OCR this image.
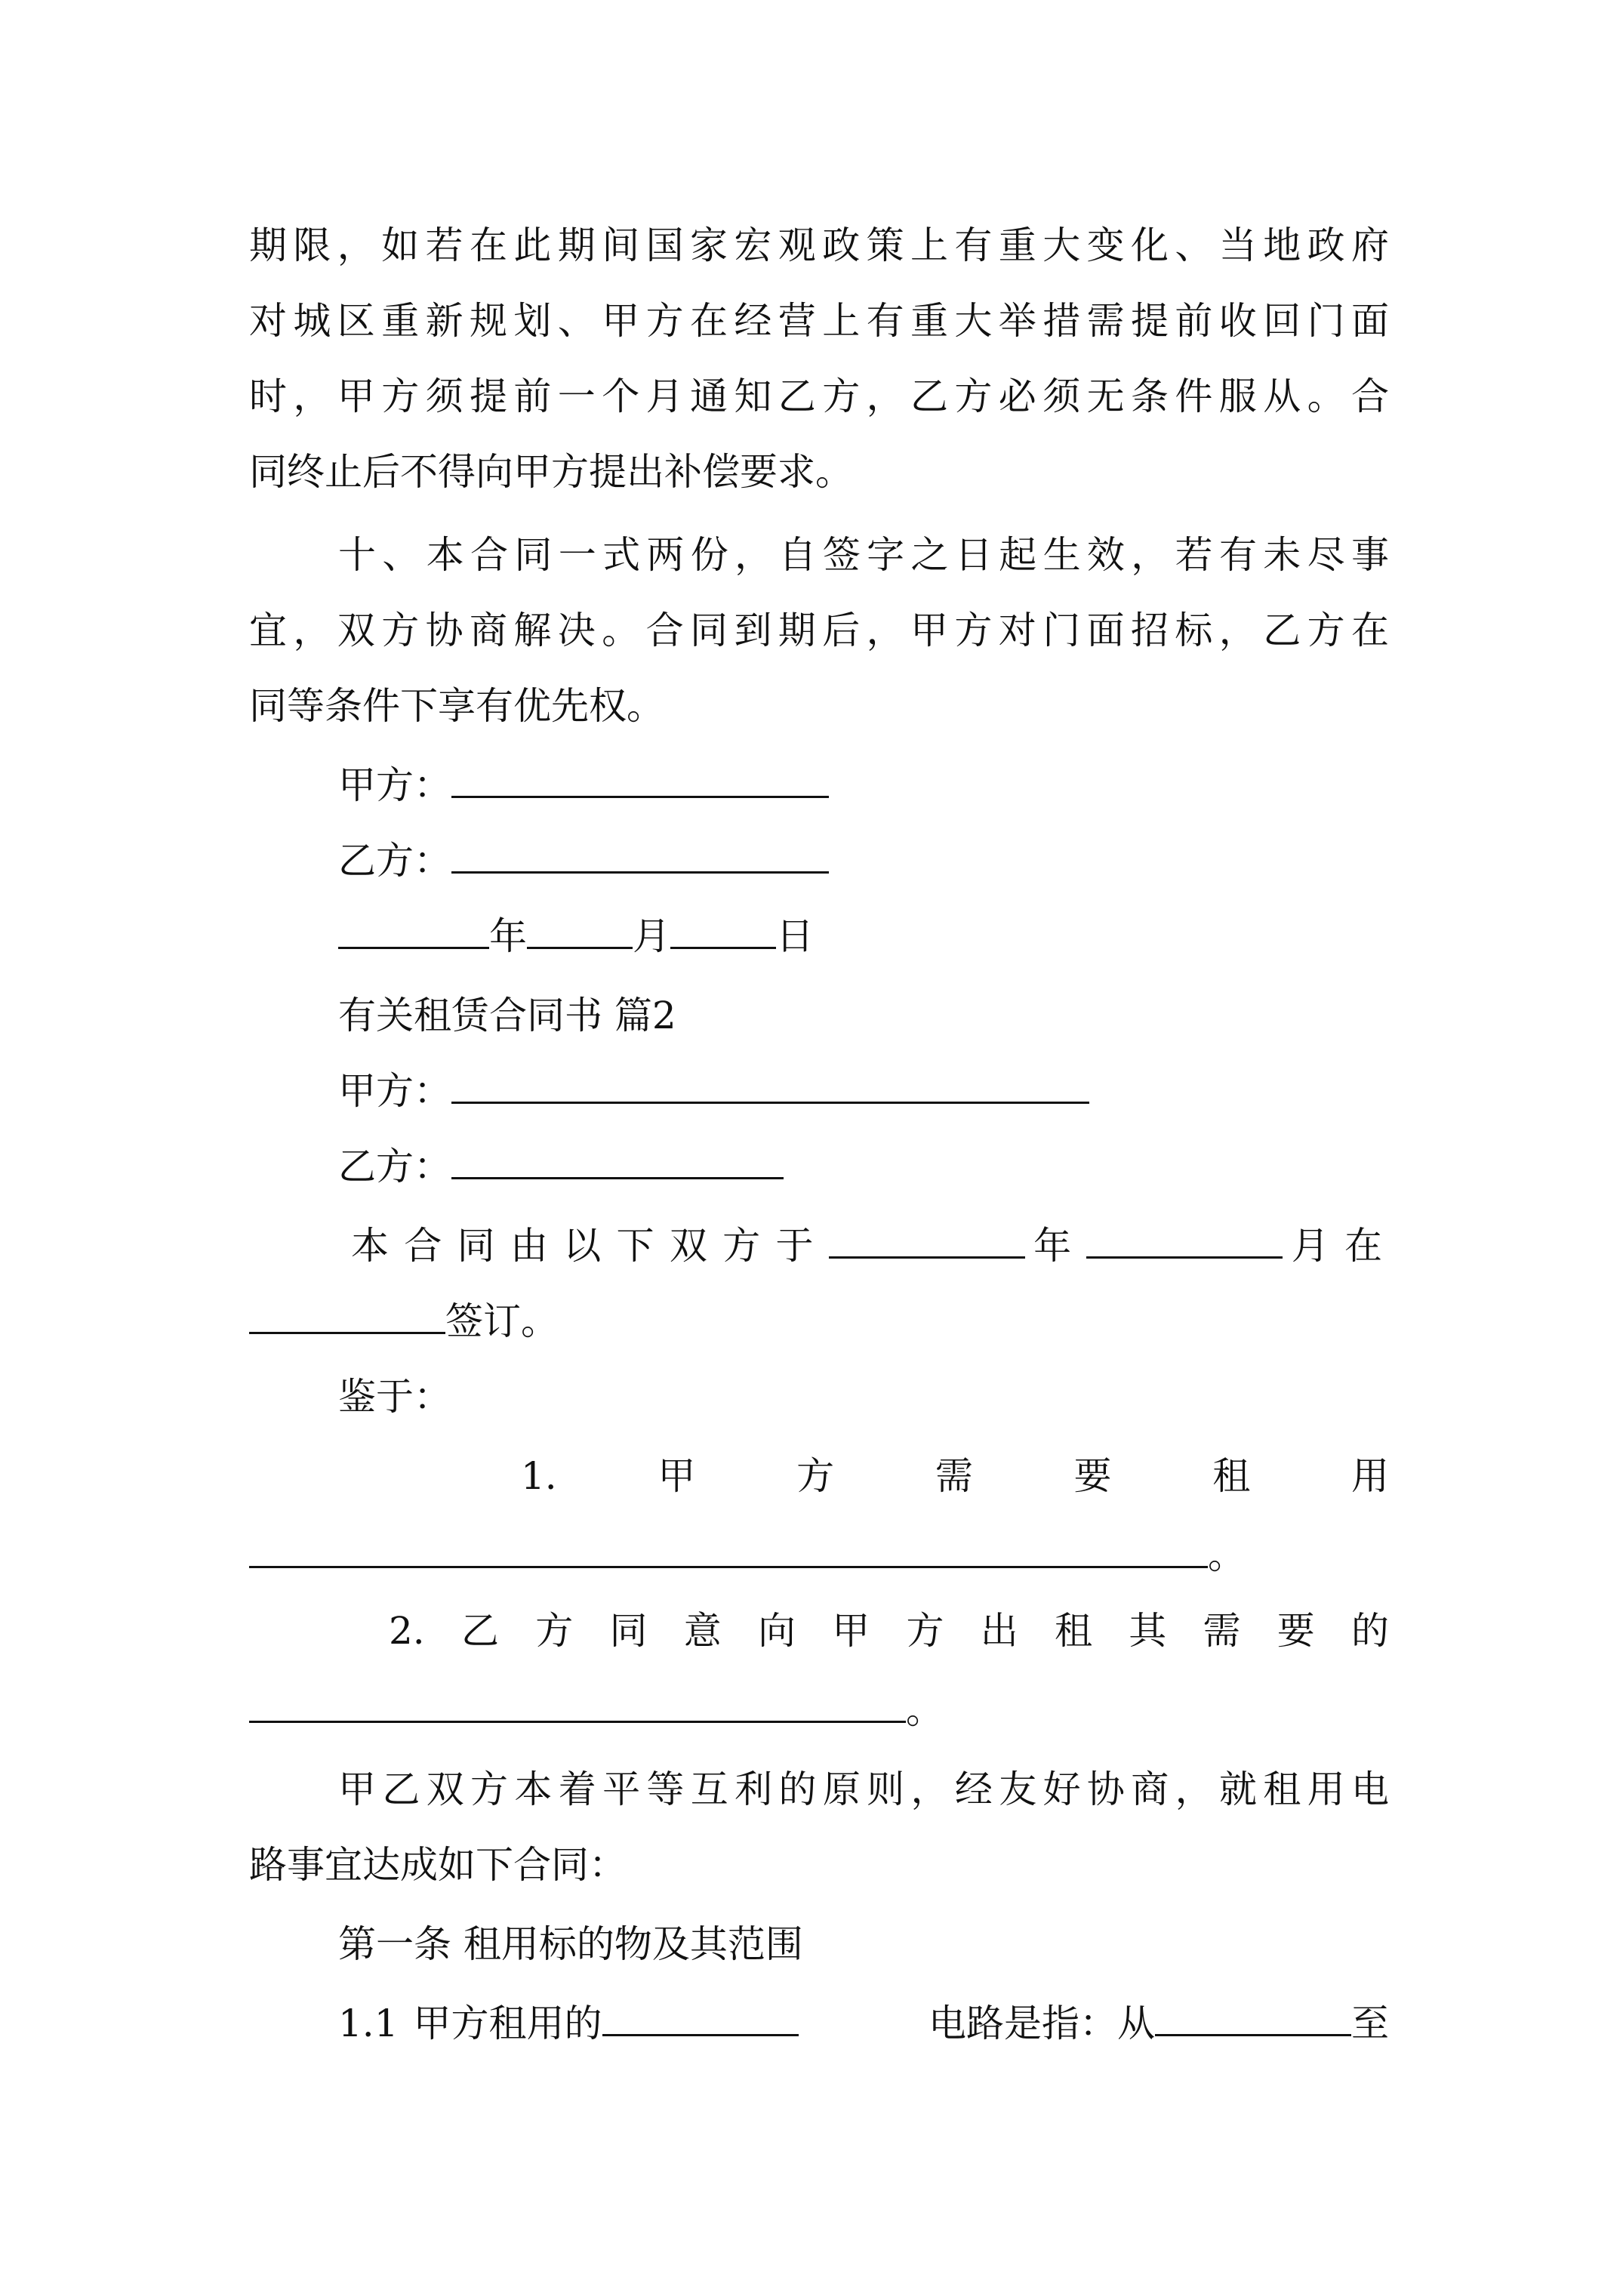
期限，如若在此期间国家宏观政策上有重大变化、当地政府
对城区重新规划、甲方在经营上有重大举措需提前收回门面
时，甲方须提前一个月通知乙方，乙方必须无条件服从。合
同终止后不得向甲方提出补偿要求。
十、本合同一式两份，自签字之日起生效，若有未尽事
宜，双方协商解决。合同到期后，甲方对门面招标，乙方在
同等条件下享有优先权。
甲方：
乙方：
年	月	日
有关租赁合同书 篇2
甲方：
乙方：
本合同由以下双方于	年	月在
签订。
鉴于：
1.	甲	方	需	要	租	用
。
2. 乙 方 同 意 向 甲 方 出 租 其 需 要 的
。
甲乙双方本着平等互利的原则，经友好协商，就租用电
路事宜达成如下合同：
第一条 租用标的物及其范围
1.1 甲方租用的	电路是指：从	至
